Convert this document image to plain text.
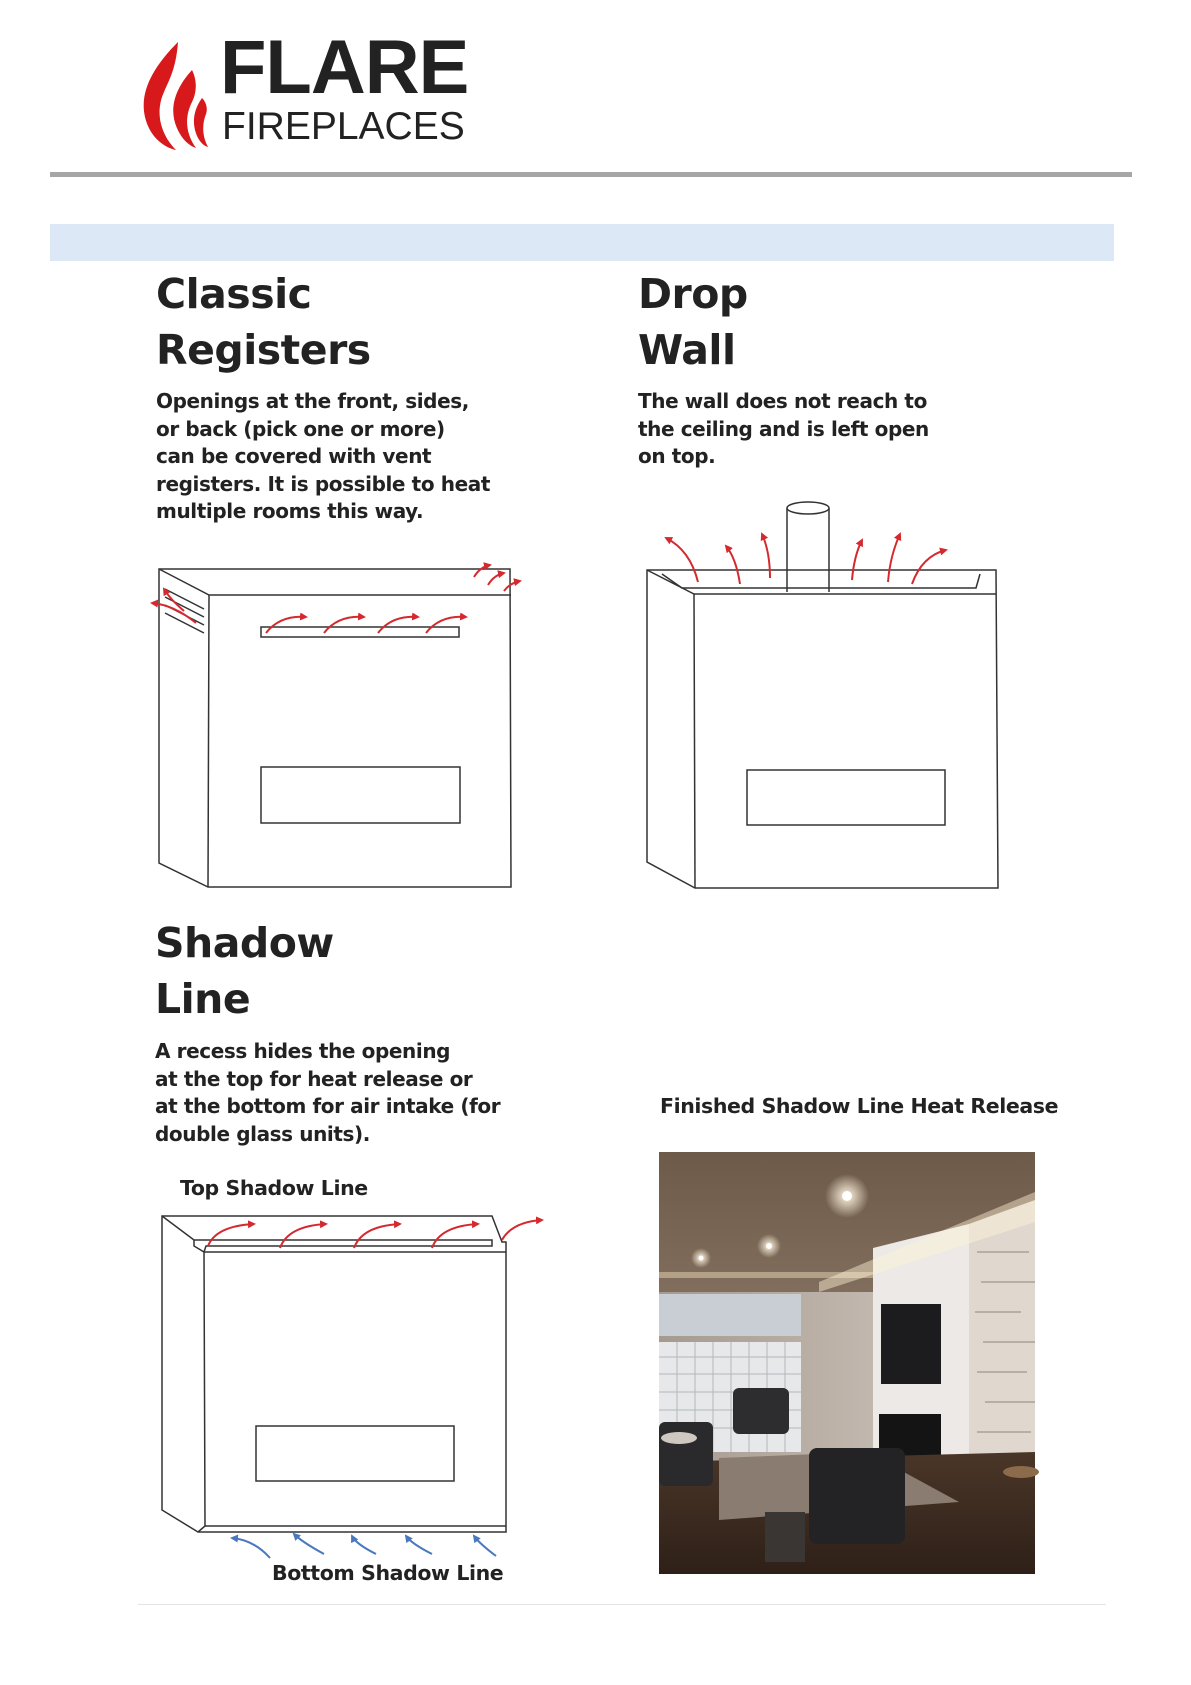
FLARE

FIREPLACES

Classic
Registers

Openings at the front, sides,
or back (pick one or more)
can be covered with vent
registers. It is possible to heat
multiple rooms this way.

Drop
Wall

The wall does not reach to
the ceiling and is left open
on top.

Shadow
Line

A recess hides the opening
at the top for heat release or
at the bottom for air intake (for
double glass units).

Top Shadow Line

Bottom Shadow Line

Finished Shadow Line Heat Release
